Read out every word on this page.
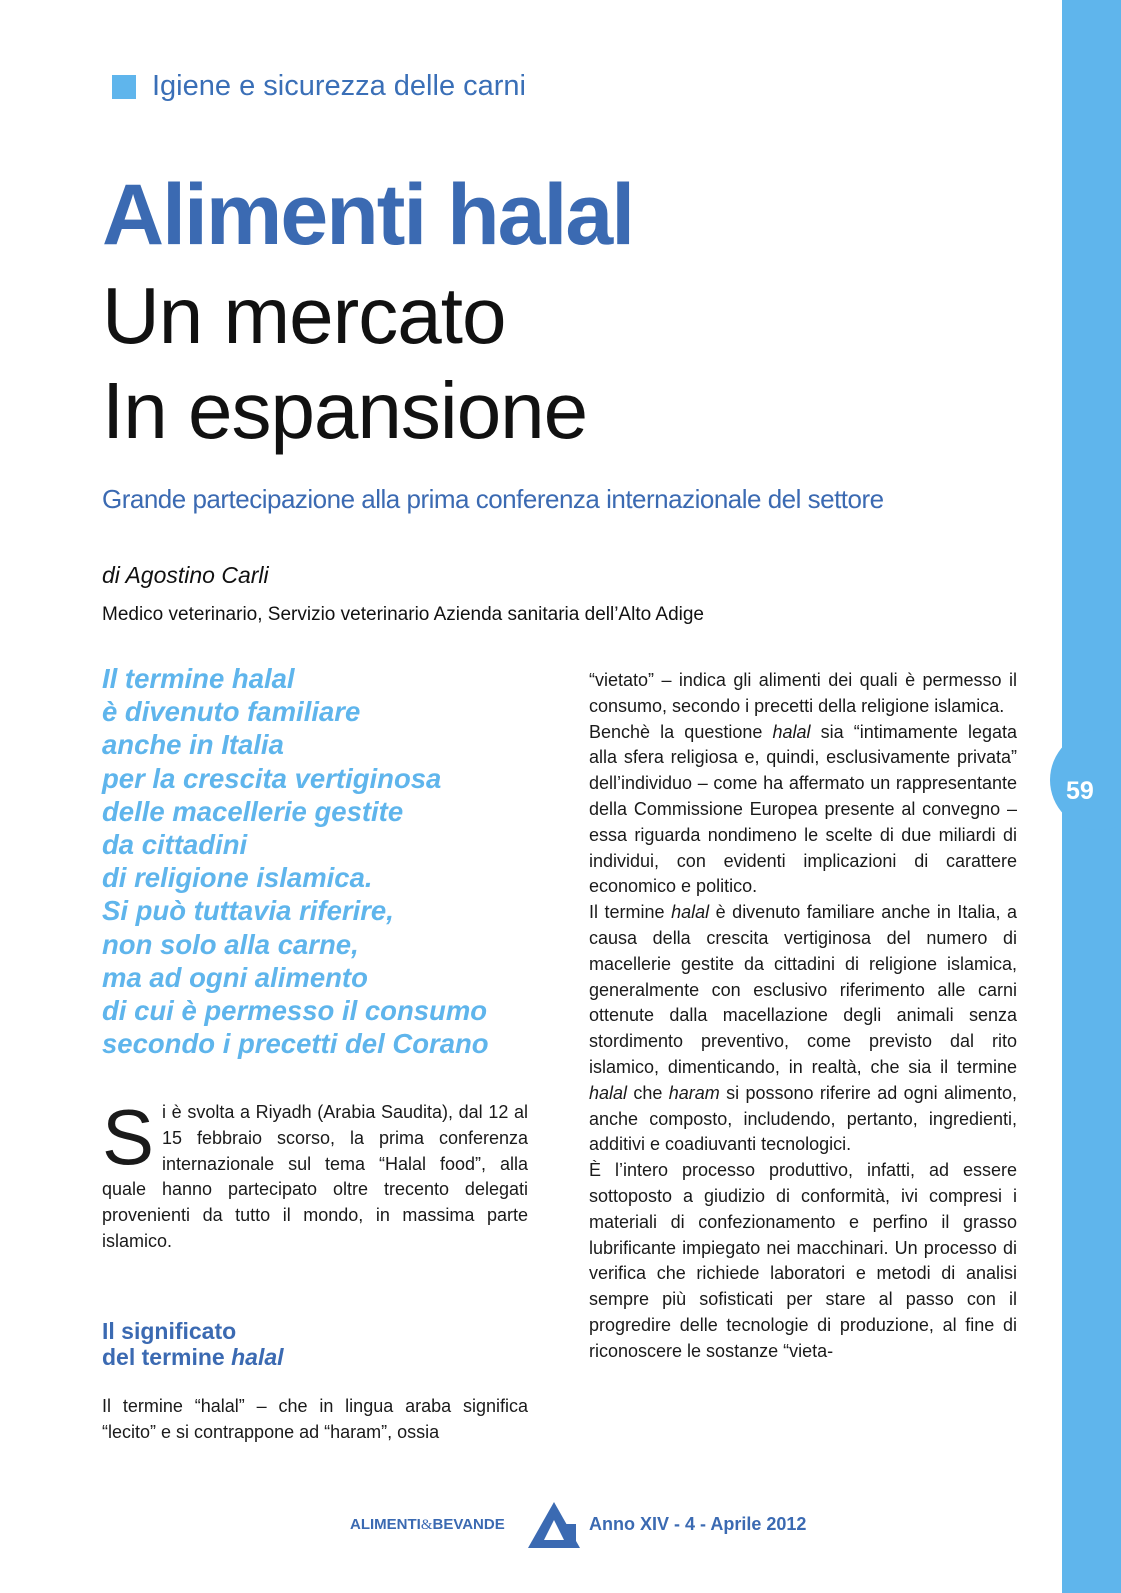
59
Igiene e sicurezza delle carni
Alimenti halal
Un mercato
In espansione
Grande partecipazione alla prima conferenza internazionale del settore
di Agostino Carli
Medico veterinario, Servizio veterinario Azienda sanitaria dell’Alto Adige
Il termine halal
è divenuto familiare
anche in Italia
per la crescita vertiginosa
delle macellerie gestite
da cittadini
di religione islamica.
Si può tuttavia riferire,
non solo alla carne,
ma ad ogni alimento
di cui è permesso il consumo
secondo i precetti del Corano

Si è svolta a Riyadh (Arabia Saudita), dal 12 al 15 febbraio scorso, la prima conferenza internazionale sul tema “Halal food”, alla quale hanno partecipato oltre trecento delegati provenienti da tutto il mondo, in massima parte islamico.

Il significato
del termine halal

Il termine “halal” – che in lingua araba significa “lecito” e si contrappone ad “haram”, ossia

“vietato” – indica gli alimenti dei quali è permesso il consumo, secondo i precetti della religione islamica.

Benchè la questione halal sia “intimamente legata alla sfera religiosa e, quindi, esclusivamente privata” dell’individuo – come ha affermato un rappresentante della Commissione Europea presente al convegno – essa riguarda nondimeno le scelte di due miliardi di individui, con evidenti implicazioni di carattere economico e politico.

Il termine halal è divenuto familiare anche in Italia, a causa della crescita vertiginosa del numero di macellerie gestite da cittadini di religione islamica, generalmente con esclusivo riferimento alle carni ottenute dalla macellazione degli animali senza stordimento preventivo, come previsto dal rito islamico, dimenticando, in realtà, che sia il termine halal che haram si possono riferire ad ogni alimento, anche composto, includendo, pertanto, ingredienti, additivi e coadiuvanti tecnologici.

È l’intero processo produttivo, infatti, ad essere sottoposto a giudizio di conformità, ivi compresi i materiali di confezionamento e perfino il grasso lubrificante impiegato nei macchinari. Un processo di verifica che richiede laboratori e metodi di analisi sempre più sofisticati per stare al passo con il progredire delle tecnologie di produzione, al fine di riconoscere le sostanze “vieta-

ALIMENTI&BEVANDE	Anno XIV - 4 - Aprile 2012
